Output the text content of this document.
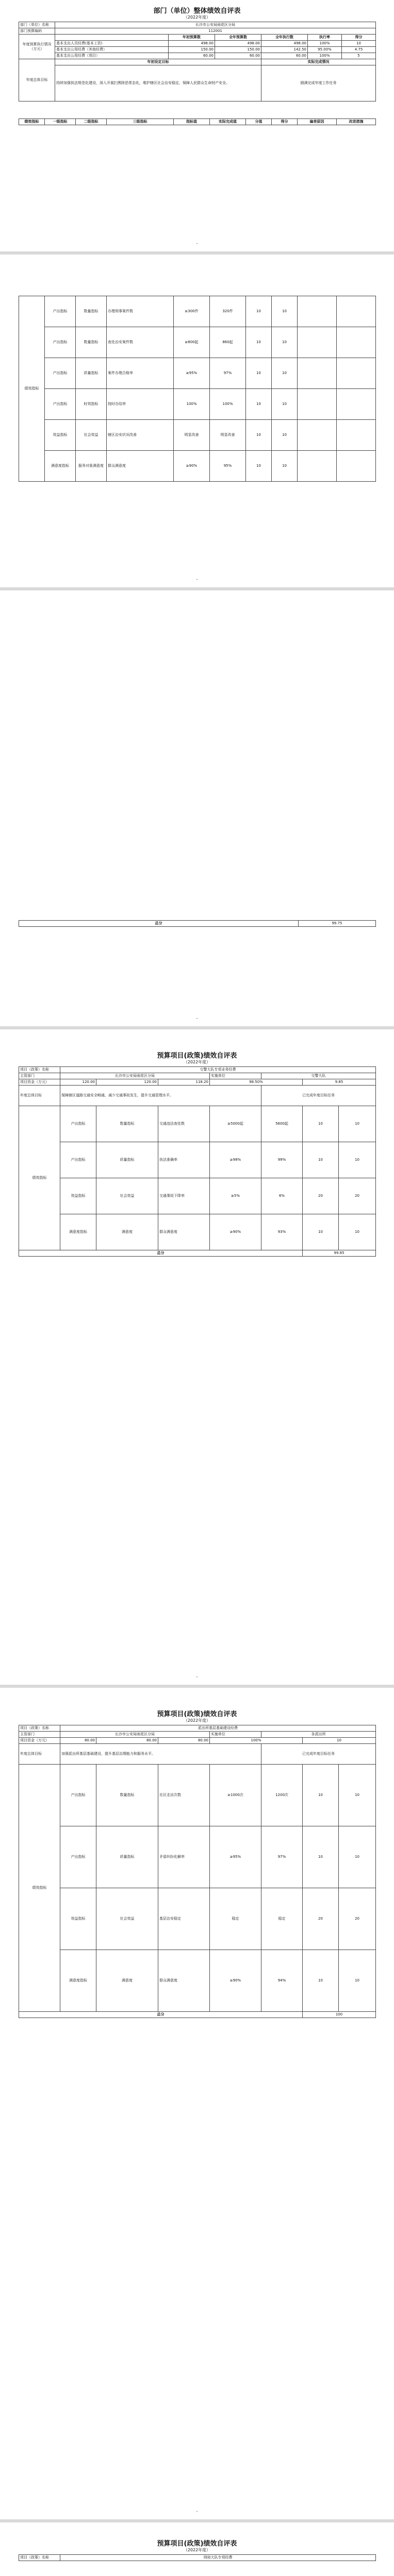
部门（单位）整体绩效自评表
（2022年度）
部门（单位）名称	长沙市公安局雨花区分局					
部门预算编码	112001					
年度预算执行情况（万元）		年初预算数	全年预算数	全年执行数	执行率	得分
	基本支出人员经费(基本工资)	498.00	498.00	498.00	100%	10
	基本支出公用经费（其他经费）	150.00	150.00	142.50	95.00%	4.75
	基本支出公用经费（项目）	60.00	60.00	60.00	100%	5
年度总体目标	年初设定目标			实际完成情况		
	持续加强执法规范化建设，深入开展扫黑除恶常态化，维护辖区社会治安稳定，保障人民群众生命财产安全。			圆满完成年度工作任务		
绩效指标	一级指标	二级指标	三级指标	指标值	实际完成值	分值	得分	偏差原因	改进措施
-
绩效指标	产出指标	数量指标	办理刑事案件数	≥300件	320件	10	10		
	产出指标	数量指标	查处治安案件数	≥800起	860起	10	10		
	产出指标	质量指标	案件办理合格率	≥95%	97%	10	10		
	产出指标	时效指标	按时办结率	100%	100%	10	10		
	效益指标	社会效益	辖区治安状况改善	明显改善	明显改善	10	10		
	满意度指标	服务对象满意度	群众满意度	≥90%	95%	10	10		
-
总分	99.75
-
预算项目(政策)绩效自评表
（2022年度）
项目（政策）名称	交警大队专项业务经费						
主管部门	长沙市公安局雨花区分局			实施单位	交警大队		
项目资金（万元）	120.00	120.00	118.20	98.50%		9.85	
年度总体目标	保障辖区道路交通安全畅通，减少交通事故发生，提升交通管理水平。				已完成年度目标任务		
绩效指标	产出指标	数量指标	交通违法查处数	≥5000起	5600起	10	10
	产出指标	质量指标	执法准确率	≥98%	99%	10	10
	效益指标	社会效益	交通事故下降率	≥5%	6%	20	20
	满意度指标	满意度	群众满意度	≥90%	93%	10	10
总分						99.85	
-
预算项目(政策)绩效自评表
（2022年度）
项目（政策）名称	派出所基层基础建设经费						
主管部门	长沙市公安局雨花区分局			实施单位	各派出所		
项目资金（万元）	80.00	80.00	80.00	100%		10	
年度总体目标	加强派出所基层基础建设，提升基层治理能力和服务水平。				已完成年度目标任务		
绩效指标	产出指标	数量指标	社区走访次数	≥1000次	1200次	10	10
	产出指标	质量指标	矛盾纠纷化解率	≥95%	97%	10	10
	效益指标	社会效益	基层治安稳定	稳定	稳定	20	20
	满意度指标	满意度	群众满意度	≥90%	94%	10	10
总分						100	
-
预算项目(政策)绩效自评表
（2022年度）
项目（政策）名称	刑侦大队专项经费
